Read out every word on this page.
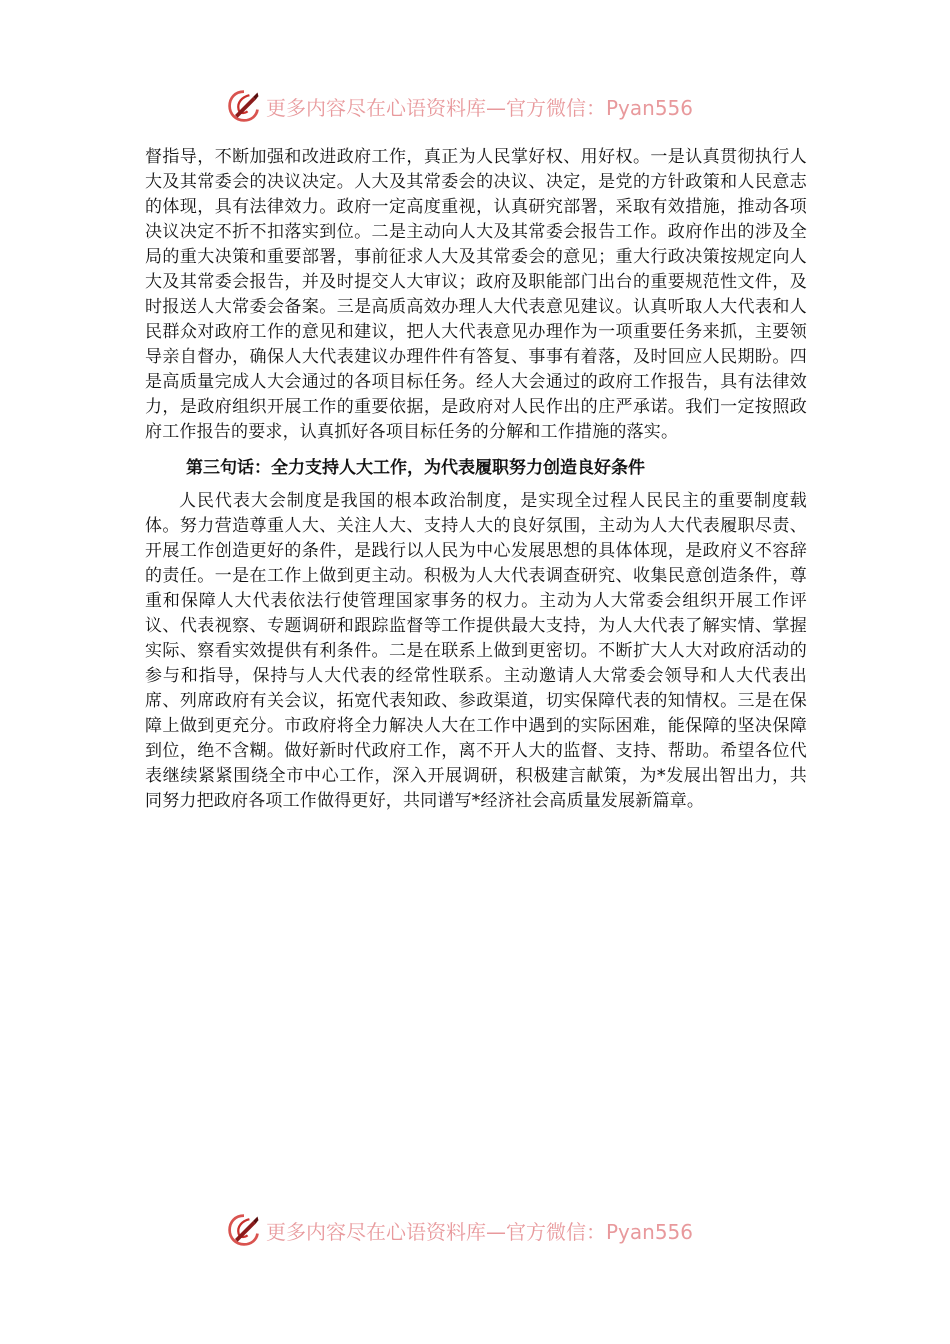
更多内容尽在心语资料库—官方微信：Pyan556

督指导，不断加强和改进政府工作，真正为人民掌好权、用好权。一是认真贯彻执行人大及其常委会的决议决定。人大及其常委会的决议、决定，是党的方针政策和人民意志的体现，具有法律效力。政府一定高度重视，认真研究部署，采取有效措施，推动各项决议决定不折不扣落实到位。二是主动向人大及其常委会报告工作。政府作出的涉及全局的重大决策和重要部署，事前征求人大及其常委会的意见；重大行政决策按规定向人大及其常委会报告，并及时提交人大审议；政府及职能部门出台的重要规范性文件，及时报送人大常委会备案。三是高质高效办理人大代表意见建议。认真听取人大代表和人民群众对政府工作的意见和建议，把人大代表意见办理作为一项重要任务来抓，主要领导亲自督办，确保人大代表建议办理件件有答复、事事有着落，及时回应人民期盼。四是高质量完成人大会通过的各项目标任务。经人大会通过的政府工作报告，具有法律效力，是政府组织开展工作的重要依据，是政府对人民作出的庄严承诺。我们一定按照政府工作报告的要求，认真抓好各项目标任务的分解和工作措施的落实。

第三句话：全力支持人大工作，为代表履职努力创造良好条件

人民代表大会制度是我国的根本政治制度，是实现全过程人民民主的重要制度载体。努力营造尊重人大、关注人大、支持人大的良好氛围，主动为人大代表履职尽责、开展工作创造更好的条件，是践行以人民为中心发展思想的具体体现，是政府义不容辞的责任。一是在工作上做到更主动。积极为人大代表调查研究、收集民意创造条件，尊重和保障人大代表依法行使管理国家事务的权力。主动为人大常委会组织开展工作评议、代表视察、专题调研和跟踪监督等工作提供最大支持，为人大代表了解实情、掌握实际、察看实效提供有利条件。二是在联系上做到更密切。不断扩大人大对政府活动的参与和指导，保持与人大代表的经常性联系。主动邀请人大常委会领导和人大代表出席、列席政府有关会议，拓宽代表知政、参政渠道，切实保障代表的知情权。三是在保障上做到更充分。市政府将全力解决人大在工作中遇到的实际困难，能保障的坚决保障到位，绝不含糊。做好新时代政府工作，离不开人大的监督、支持、帮助。希望各位代表继续紧紧围绕全市中心工作，深入开展调研，积极建言献策，为*发展出智出力，共同努力把政府各项工作做得更好，共同谱写*经济社会高质量发展新篇章。

更多内容尽在心语资料库—官方微信：Pyan556
